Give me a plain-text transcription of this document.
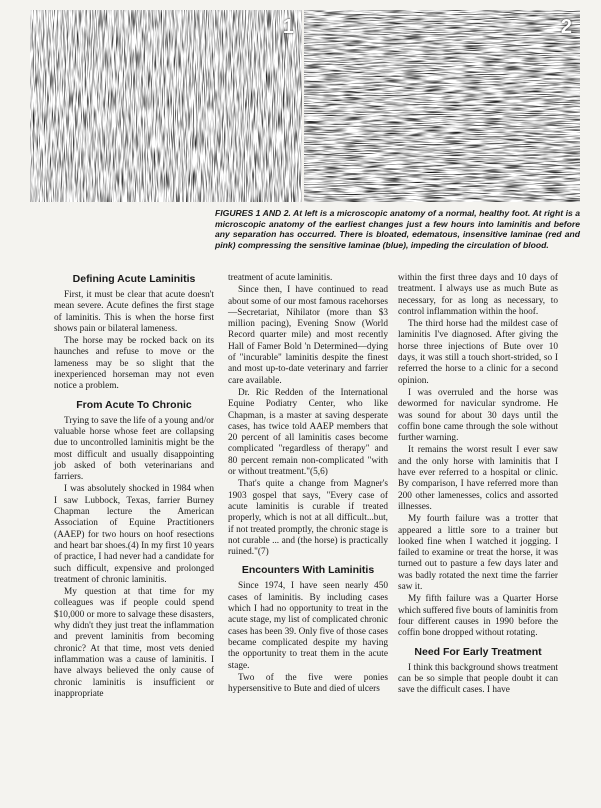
1	2

FIGURES 1 AND 2. At left is a microscopic anatomy of a normal, healthy foot. At right is a microscopic anatomy of the earliest changes just a few hours into laminitis and before any separation has occurred. There is bloated, edematous, insensitive laminae (red and pink) compressing the sensitive laminae (blue), impeding the circulation of blood.

Defining Acute Laminitis

First, it must be clear that acute doesn't mean severe. Acute defines the first stage of laminitis. This is when the horse first shows pain or bilateral lameness.

The horse may be rocked back on its haunches and refuse to move or the lameness may be so slight that the inexperienced horseman may not even notice a problem.

From Acute To Chronic

Trying to save the life of a young and/or valuable horse whose feet are collapsing due to uncontrolled laminitis might be the most difficult and usually disappointing job asked of both veterinarians and farriers.

I was absolutely shocked in 1984 when I saw Lubbock, Texas, farrier Burney Chapman lecture the American Association of Equine Practitioners (AAEP) for two hours on hoof resections and heart bar shoes.(4) In my first 10 years of practice, I had never had a candidate for such difficult, expensive and prolonged treatment of chronic laminitis.

My question at that time for my colleagues was if people could spend $10,000 or more to salvage these disasters, why didn't they just treat the inflammation and prevent laminitis from becoming chronic? At that time, most vets denied inflammation was a cause of laminitis. I have always believed the only cause of chronic laminitis is insufficient or inappropriate

treatment of acute laminitis.

Since then, I have continued to read about some of our most famous racehorses—Secretariat, Nihilator (more than $3 million pacing), Evening Snow (World Record quarter mile) and most recently Hall of Famer Bold 'n Determined—dying of "incurable" laminitis despite the finest and most up-to-date veterinary and farrier care available.

Dr. Ric Redden of the International Equine Podiatry Center, who like Chapman, is a master at saving desperate cases, has twice told AAEP members that 20 percent of all laminitis cases become complicated "regardless of therapy" and 80 percent remain non-complicated "with or without treatment."(5,6)

That's quite a change from Magner's 1903 gospel that says, "Every case of acute laminitis is curable if treated properly, which is not at all difficult...but, if not treated promptly, the chronic stage is not curable ... and (the horse) is practically ruined."(7)

Encounters With Laminitis

Since 1974, I have seen nearly 450 cases of laminitis. By including cases which I had no opportunity to treat in the acute stage, my list of complicated chronic cases has been 39. Only five of those cases became complicated despite my having the opportunity to treat them in the acute stage.

Two of the five were ponies hypersensitive to Bute and died of ulcers

within the first three days and 10 days of treatment. I always use as much Bute as necessary, for as long as necessary, to control inflammation within the hoof.

The third horse had the mildest case of laminitis I've diagnosed. After giving the horse three injections of Bute over 10 days, it was still a touch short-strided, so I referred the horse to a clinic for a second opinion.

I was overruled and the horse was dewormed for navicular syndrome. He was sound for about 30 days until the coffin bone came through the sole without further warning.

It remains the worst result I ever saw and the only horse with laminitis that I have ever referred to a hospital or clinic. By comparison, I have referred more than 200 other lamenesses, colics and assorted illnesses.

My fourth failure was a trotter that appeared a little sore to a trainer but looked fine when I watched it jogging. I failed to examine or treat the horse, it was turned out to pasture a few days later and was badly rotated the next time the farrier saw it.

My fifth failure was a Quarter Horse which suffered five bouts of laminitis from four different causes in 1990 before the coffin bone dropped without rotating.

Need For Early Treatment

I think this background shows treatment can be so simple that people doubt it can save the difficult cases. I have
